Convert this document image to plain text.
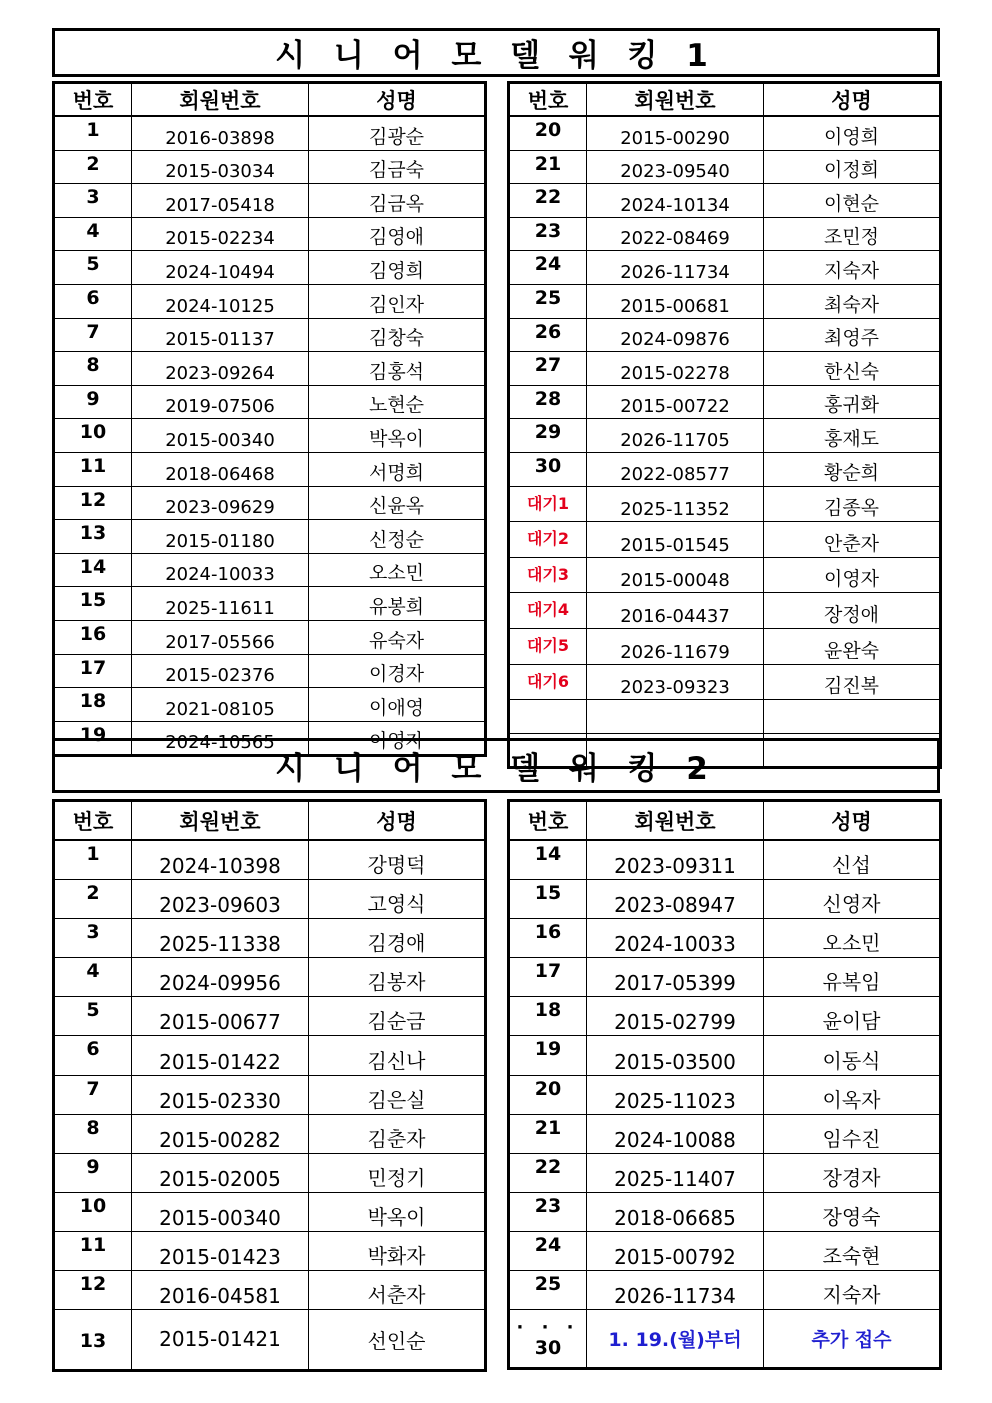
시 니 어 모 델 워 킹 1
번호	회원번호	성명
1	2016-03898	김광순
2	2015-03034	김금숙
3	2017-05418	김금옥
4	2015-02234	김영애
5	2024-10494	김영희
6	2024-10125	김인자
7	2015-01137	김창숙
8	2023-09264	김홍석
9	2019-07506	노현순
10	2015-00340	박옥이
11	2018-06468	서명희
12	2023-09629	신윤옥
13	2015-01180	신정순
14	2024-10033	오소민
15	2025-11611	유봉희
16	2017-05566	유숙자
17	2015-02376	이경자
18	2021-08105	이애영
19	2024-10565	이영자
번호	회원번호	성명
20	2015-00290	이영희
21	2023-09540	이정희
22	2024-10134	이현순
23	2022-08469	조민정
24	2026-11734	지숙자
25	2015-00681	최숙자
26	2024-09876	최영주
27	2015-02278	한신숙
28	2015-00722	홍귀화
29	2026-11705	홍재도
30	2022-08577	황순희
대기1	2025-11352	김종옥
대기2	2015-01545	안춘자
대기3	2015-00048	이영자
대기4	2016-04437	장정애
대기5	2026-11679	윤완숙
대기6	2023-09323	김진복

시 니 어 모 델 워 킹 2
번호	회원번호	성명
1	2024-10398	강명덕
2	2023-09603	고영식
3	2025-11338	김경애
4	2024-09956	김봉자
5	2015-00677	김순금
6	2015-01422	김신나
7	2015-02330	김은실
8	2015-00282	김춘자
9	2015-02005	민정기
10	2015-00340	박옥이
11	2015-01423	박화자
12	2016-04581	서춘자
13	2015-01421	선인순
번호	회원번호	성명
14	2023-09311	신섭
15	2023-08947	신영자
16	2024-10033	오소민
17	2017-05399	유복임
18	2015-02799	윤이담
19	2015-03500	이동식
20	2025-11023	이옥자
21	2024-10088	임수진
22	2025-11407	장경자
23	2018-06685	장영숙
24	2015-00792	조숙현
25	2026-11734	지숙자

· · ·
30	1. 19.(월)부터	추가 접수
